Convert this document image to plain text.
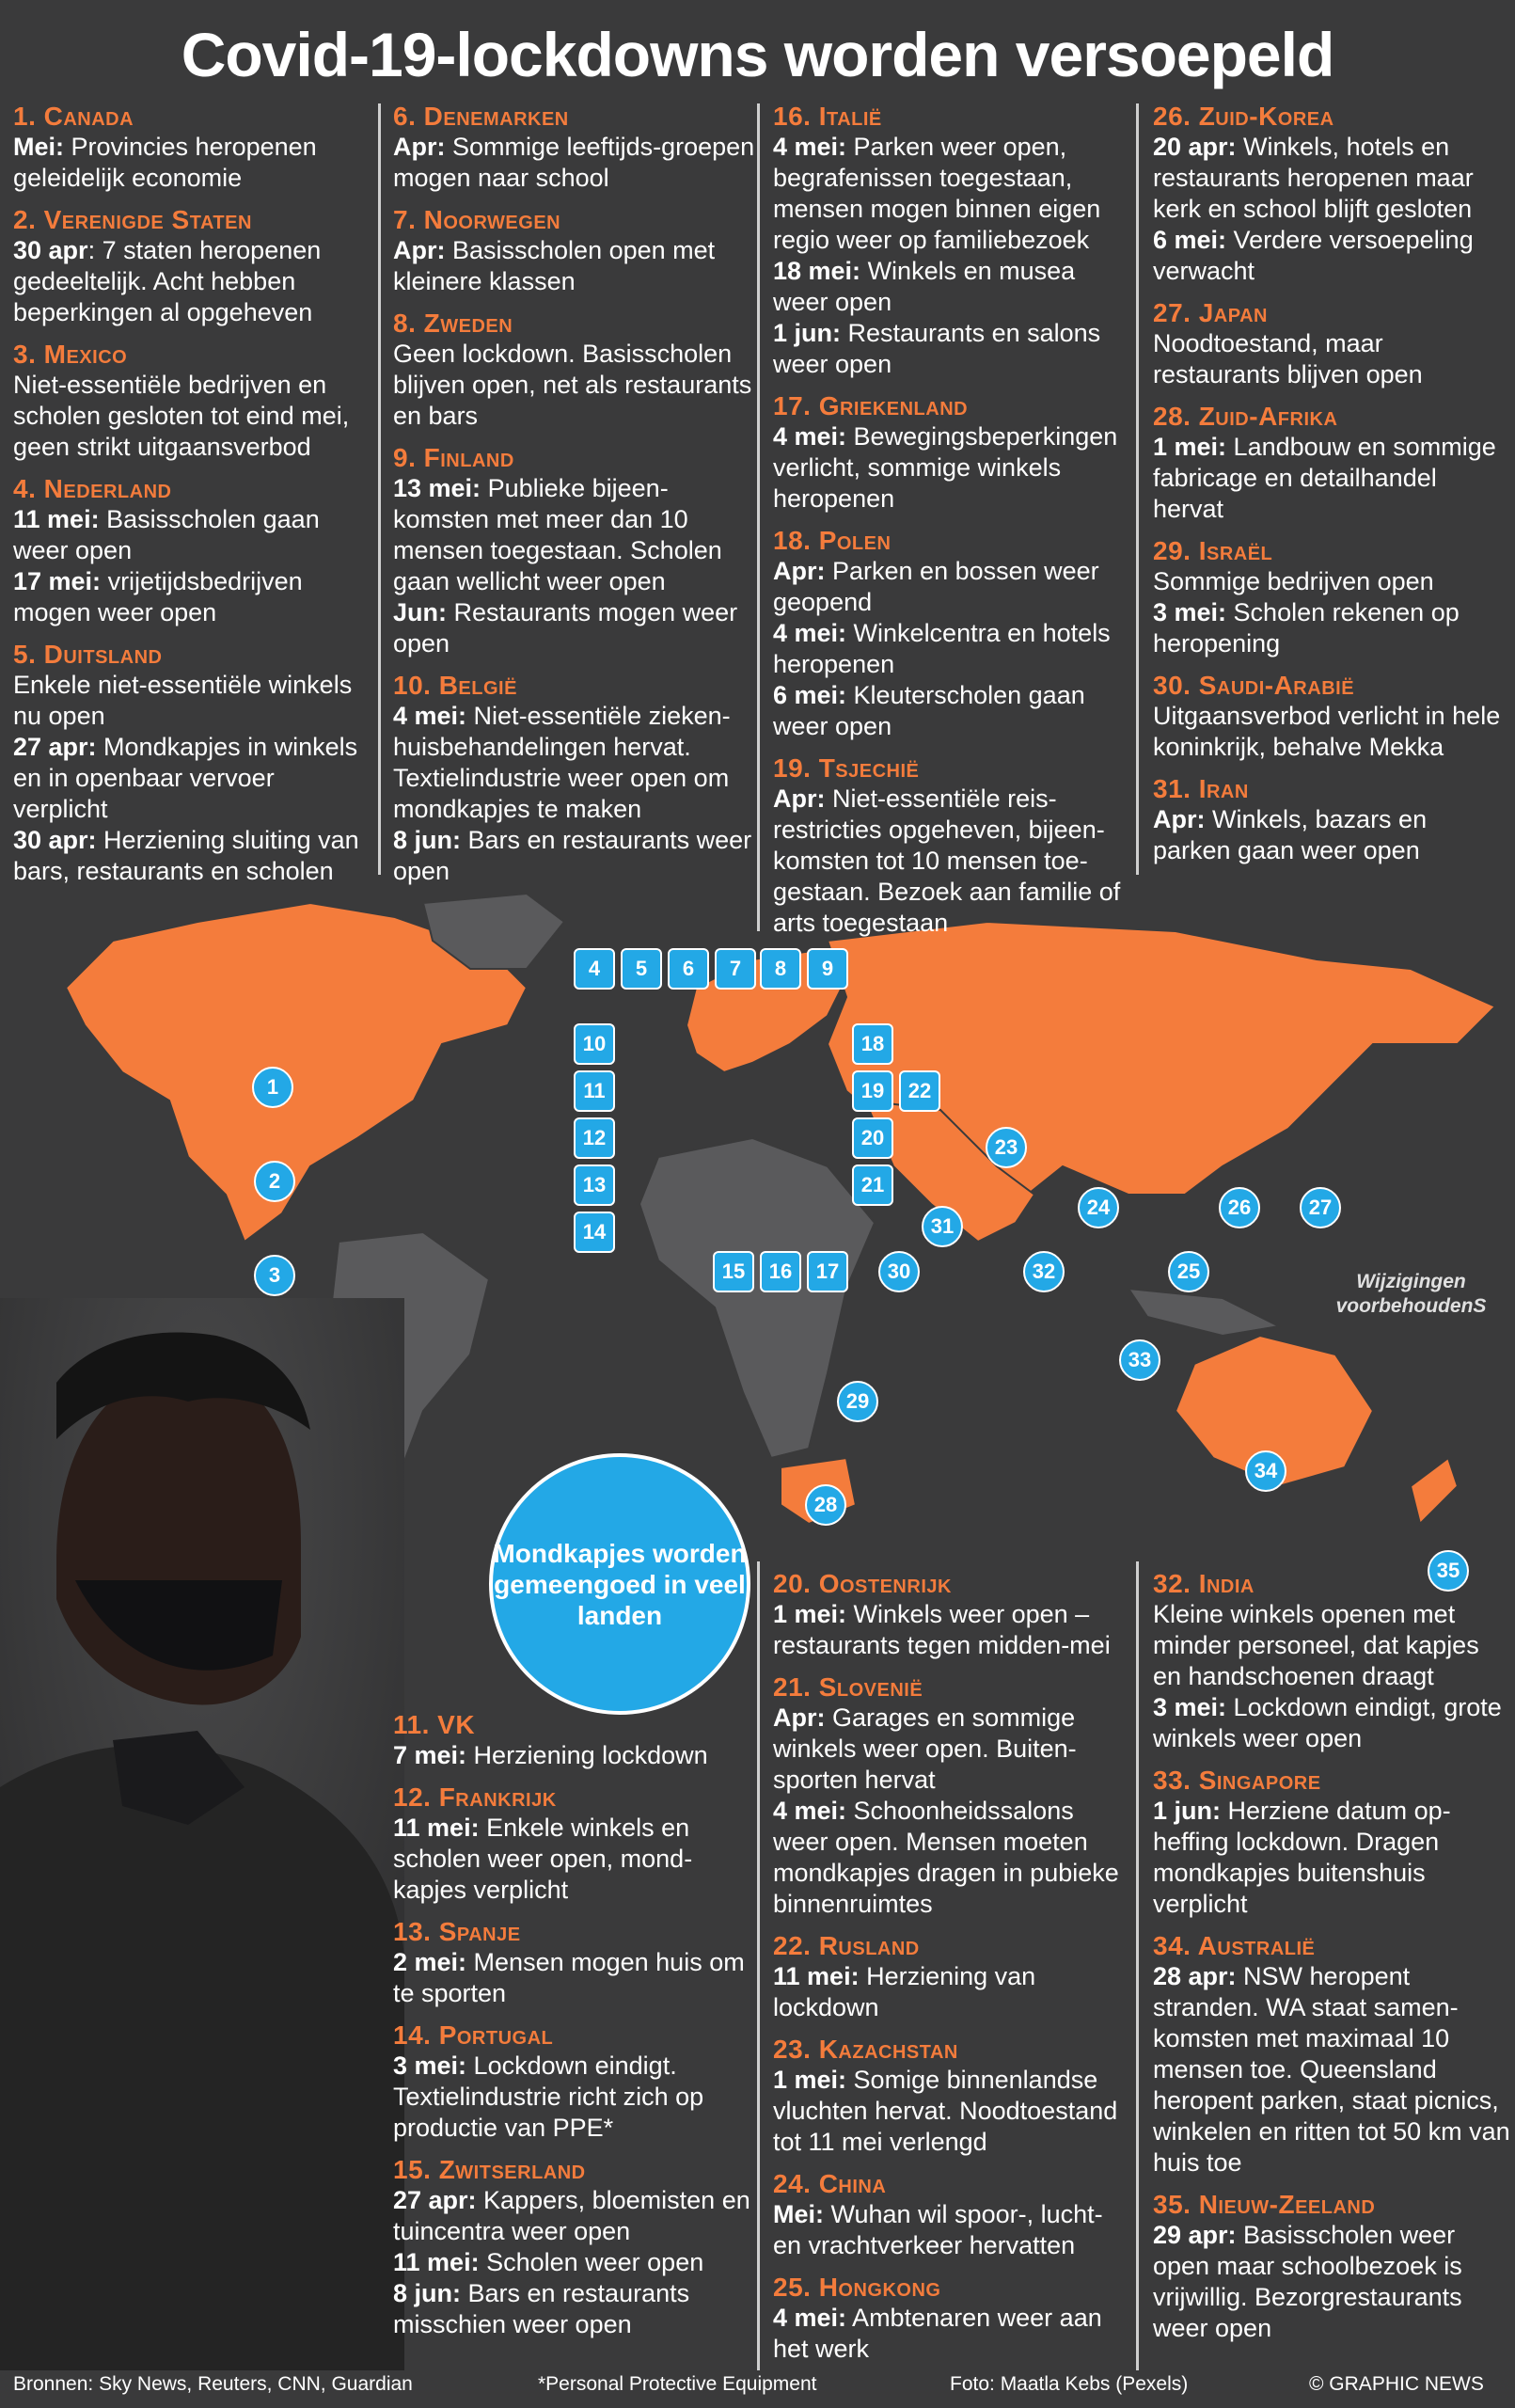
Covid-19-lockdowns worden versoepeld
1
2
3
4	5	6	7	8	9
10
11
12
13
14
15	16	17
18
19
20
21
22
23
24
25
26	27
28
29
30
31
32
33
34
35
Wijzigingen voorbehoudenS
Mondkapjes worden gemeengoed in veel landen
1. Canada

Mei: Provincies heropenen geleidelijk economie

2. Verenigde Staten

30 apr: 7 staten heropenen gedeeltelijk. Acht hebben beperkingen al opgeheven

3. Mexico

Niet-essentiële bedrijven en scholen gesloten tot eind mei, geen strikt uitgaansverbod

4. Nederland

11 mei: Basisscholen gaan weer open

17 mei: vrijetijdsbedrijven mogen weer open

5. Duitsland

Enkele niet-essentiële winkels nu open

27 apr: Mondkapjes in winkels en in openbaar vervoer verplicht

30 apr: Herziening sluiting van bars, restaurants en scholen

6. Denemarken

Apr: Sommige leeftijds-groepen mogen naar school

7. Noorwegen

Apr: Basisscholen open met kleinere klassen

8. Zweden

Geen lockdown. Basisscholen blijven open, net als restaurants en bars

9. Finland

13 mei: Publieke bijeen-komsten met meer dan 10 mensen toegestaan. Scholen gaan wellicht weer open

Jun: Restaurants mogen weer open

10. België

4 mei: Niet-essentiële zieken-huisbehandelingen hervat. Textielindustrie weer open om mondkapjes te maken

8 jun: Bars en restaurants weer open

16. Italië

4 mei: Parken weer open, begrafenissen toegestaan, mensen mogen binnen eigen regio weer op familiebezoek

18 mei: Winkels en musea weer open

1 jun: Restaurants en salons weer open

17. Griekenland

4 mei: Bewegingsbeperkingen verlicht, sommige winkels heropenen

18. Polen

Apr: Parken en bossen weer geopend

4 mei: Winkelcentra en hotels heropenen

6 mei: Kleuterscholen gaan weer open

19. Tsjechië

Apr: Niet-essentiële reis-restricties opgeheven, bijeen-komsten tot 10 mensen toe-gestaan. Bezoek aan familie of arts toegestaan

26. Zuid-Korea

20 apr: Winkels, hotels en restaurants heropenen maar kerk en school blijft gesloten

6 mei: Verdere versoepeling verwacht

27. Japan

Noodtoestand, maar restaurants blijven open

28. Zuid-Afrika

1 mei: Landbouw en sommige fabricage en detailhandel hervat

29. Israël

Sommige bedrijven open

3 mei: Scholen rekenen op heropening

30. Saudi-Arabië

Uitgaansverbod verlicht in hele koninkrijk, behalve Mekka

31. Iran

Apr: Winkels, bazars en parken gaan weer open

11. VK

7 mei: Herziening lockdown

12. Frankrijk

11 mei: Enkele winkels en scholen weer open, mond-kapjes verplicht

13. Spanje

2 mei: Mensen mogen huis om te sporten

14. Portugal

3 mei: Lockdown eindigt. Textielindustrie richt zich op productie van PPE*

15. Zwitserland

27 apr: Kappers, bloemisten en tuincentra weer open

11 mei: Scholen weer open

8 jun: Bars en restaurants misschien weer open

20. Oostenrijk

1 mei: Winkels weer open – restaurants tegen midden-mei

21. Slovenië

Apr: Garages en sommige winkels weer open. Buiten-sporten hervat

4 mei: Schoonheidssalons weer open. Mensen moeten mondkapjes dragen in pubieke binnenruimtes

22. Rusland

11 mei: Herziening van lockdown

23. Kazachstan

1 mei: Somige binnenlandse vluchten hervat. Noodtoestand tot 11 mei verlengd

24. China

Mei: Wuhan wil spoor-, lucht- en vrachtverkeer hervatten

25. Hongkong

4 mei: Ambtenaren weer aan het werk

32. India

Kleine winkels openen met minder personeel, dat kapjes en handschoenen draagt

3 mei: Lockdown eindigt, grote winkels weer open

33. Singapore

1 jun: Herziene datum op-heffing lockdown. Dragen mondkapjes buitenshuis verplicht

34. Australië

28 apr: NSW heropent stranden. WA staat samen-komsten met maximaal 10 mensen toe. Queensland heropent parken, staat picnics, winkelen en ritten tot 50 km van huis toe

35. Nieuw-Zeeland

29 apr: Basisscholen weer open maar schoolbezoek is vrijwillig. Bezorgrestaurants weer open

Bronnen: Sky News, Reuters, CNN, Guardian	*Personal Protective Equipment	Foto: Maatla Kebs (Pexels)	© GRAPHIC NEWS
